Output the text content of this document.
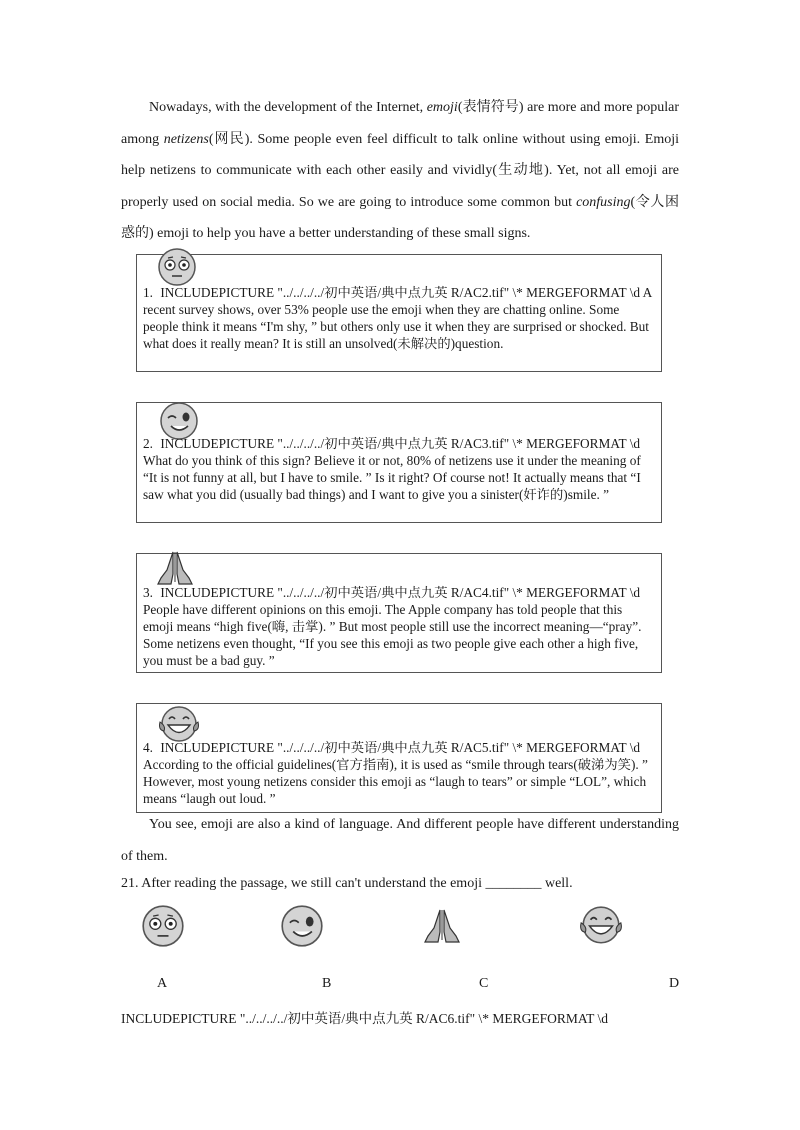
Nowadays, with the development of the Internet, emoji(表情符号) are more and more popular among netizens(网民). Some people even feel difficult to talk online without using emoji. Emoji help netizens to communicate with each other easily and vividly(生动地). Yet, not all emoji are properly used on social media. So we are going to introduce some common but confusing(令人困惑的) emoji to help you have a better understanding of these small signs.
1. INCLUDEPICTURE "../../../../初中英语/典中点九英 R/AC2.tif" \* MERGEFORMAT \d A recent survey shows, over 53% people use the emoji when they are chatting online. Some people think it means “I'm shy, ” but others only use it when they are surprised or shocked. But what does it really mean? It is still an unsolved(未解决的)question.
2. INCLUDEPICTURE "../../../../初中英语/典中点九英 R/AC3.tif" \* MERGEFORMAT \d What do you think of this sign? Believe it or not, 80% of netizens use it under the meaning of “It is not funny at all, but I have to smile. ” Is it right? Of course not! It actually means that “I saw what you did (usually bad things) and I want to give you a sinister(奸诈的)smile. ”
3. INCLUDEPICTURE "../../../../初中英语/典中点九英 R/AC4.tif" \* MERGEFORMAT \d People have different opinions on this emoji. The Apple company has told people that this emoji means “high five(嗨, 击掌). ” But most people still use the incorrect meaning—“pray”. Some netizens even thought, “If you see this emoji as two people give each other a high five, you must be a bad guy. ”
4. INCLUDEPICTURE "../../../../初中英语/典中点九英 R/AC5.tif" \* MERGEFORMAT \d According to the official guidelines(官方指南), it is used as “smile through tears(破涕为笑). ” However, most young netizens consider this emoji as “laugh to tears” or simple “LOL”, which means “laugh out loud. ”
You see, emoji are also a kind of language. And different people have different understanding of them.
21. After reading the passage, we still can't understand the emoji ________ well.
A	B	C	D
INCLUDEPICTURE "../../../../初中英语/典中点九英 R/AC6.tif" \* MERGEFORMAT \d
